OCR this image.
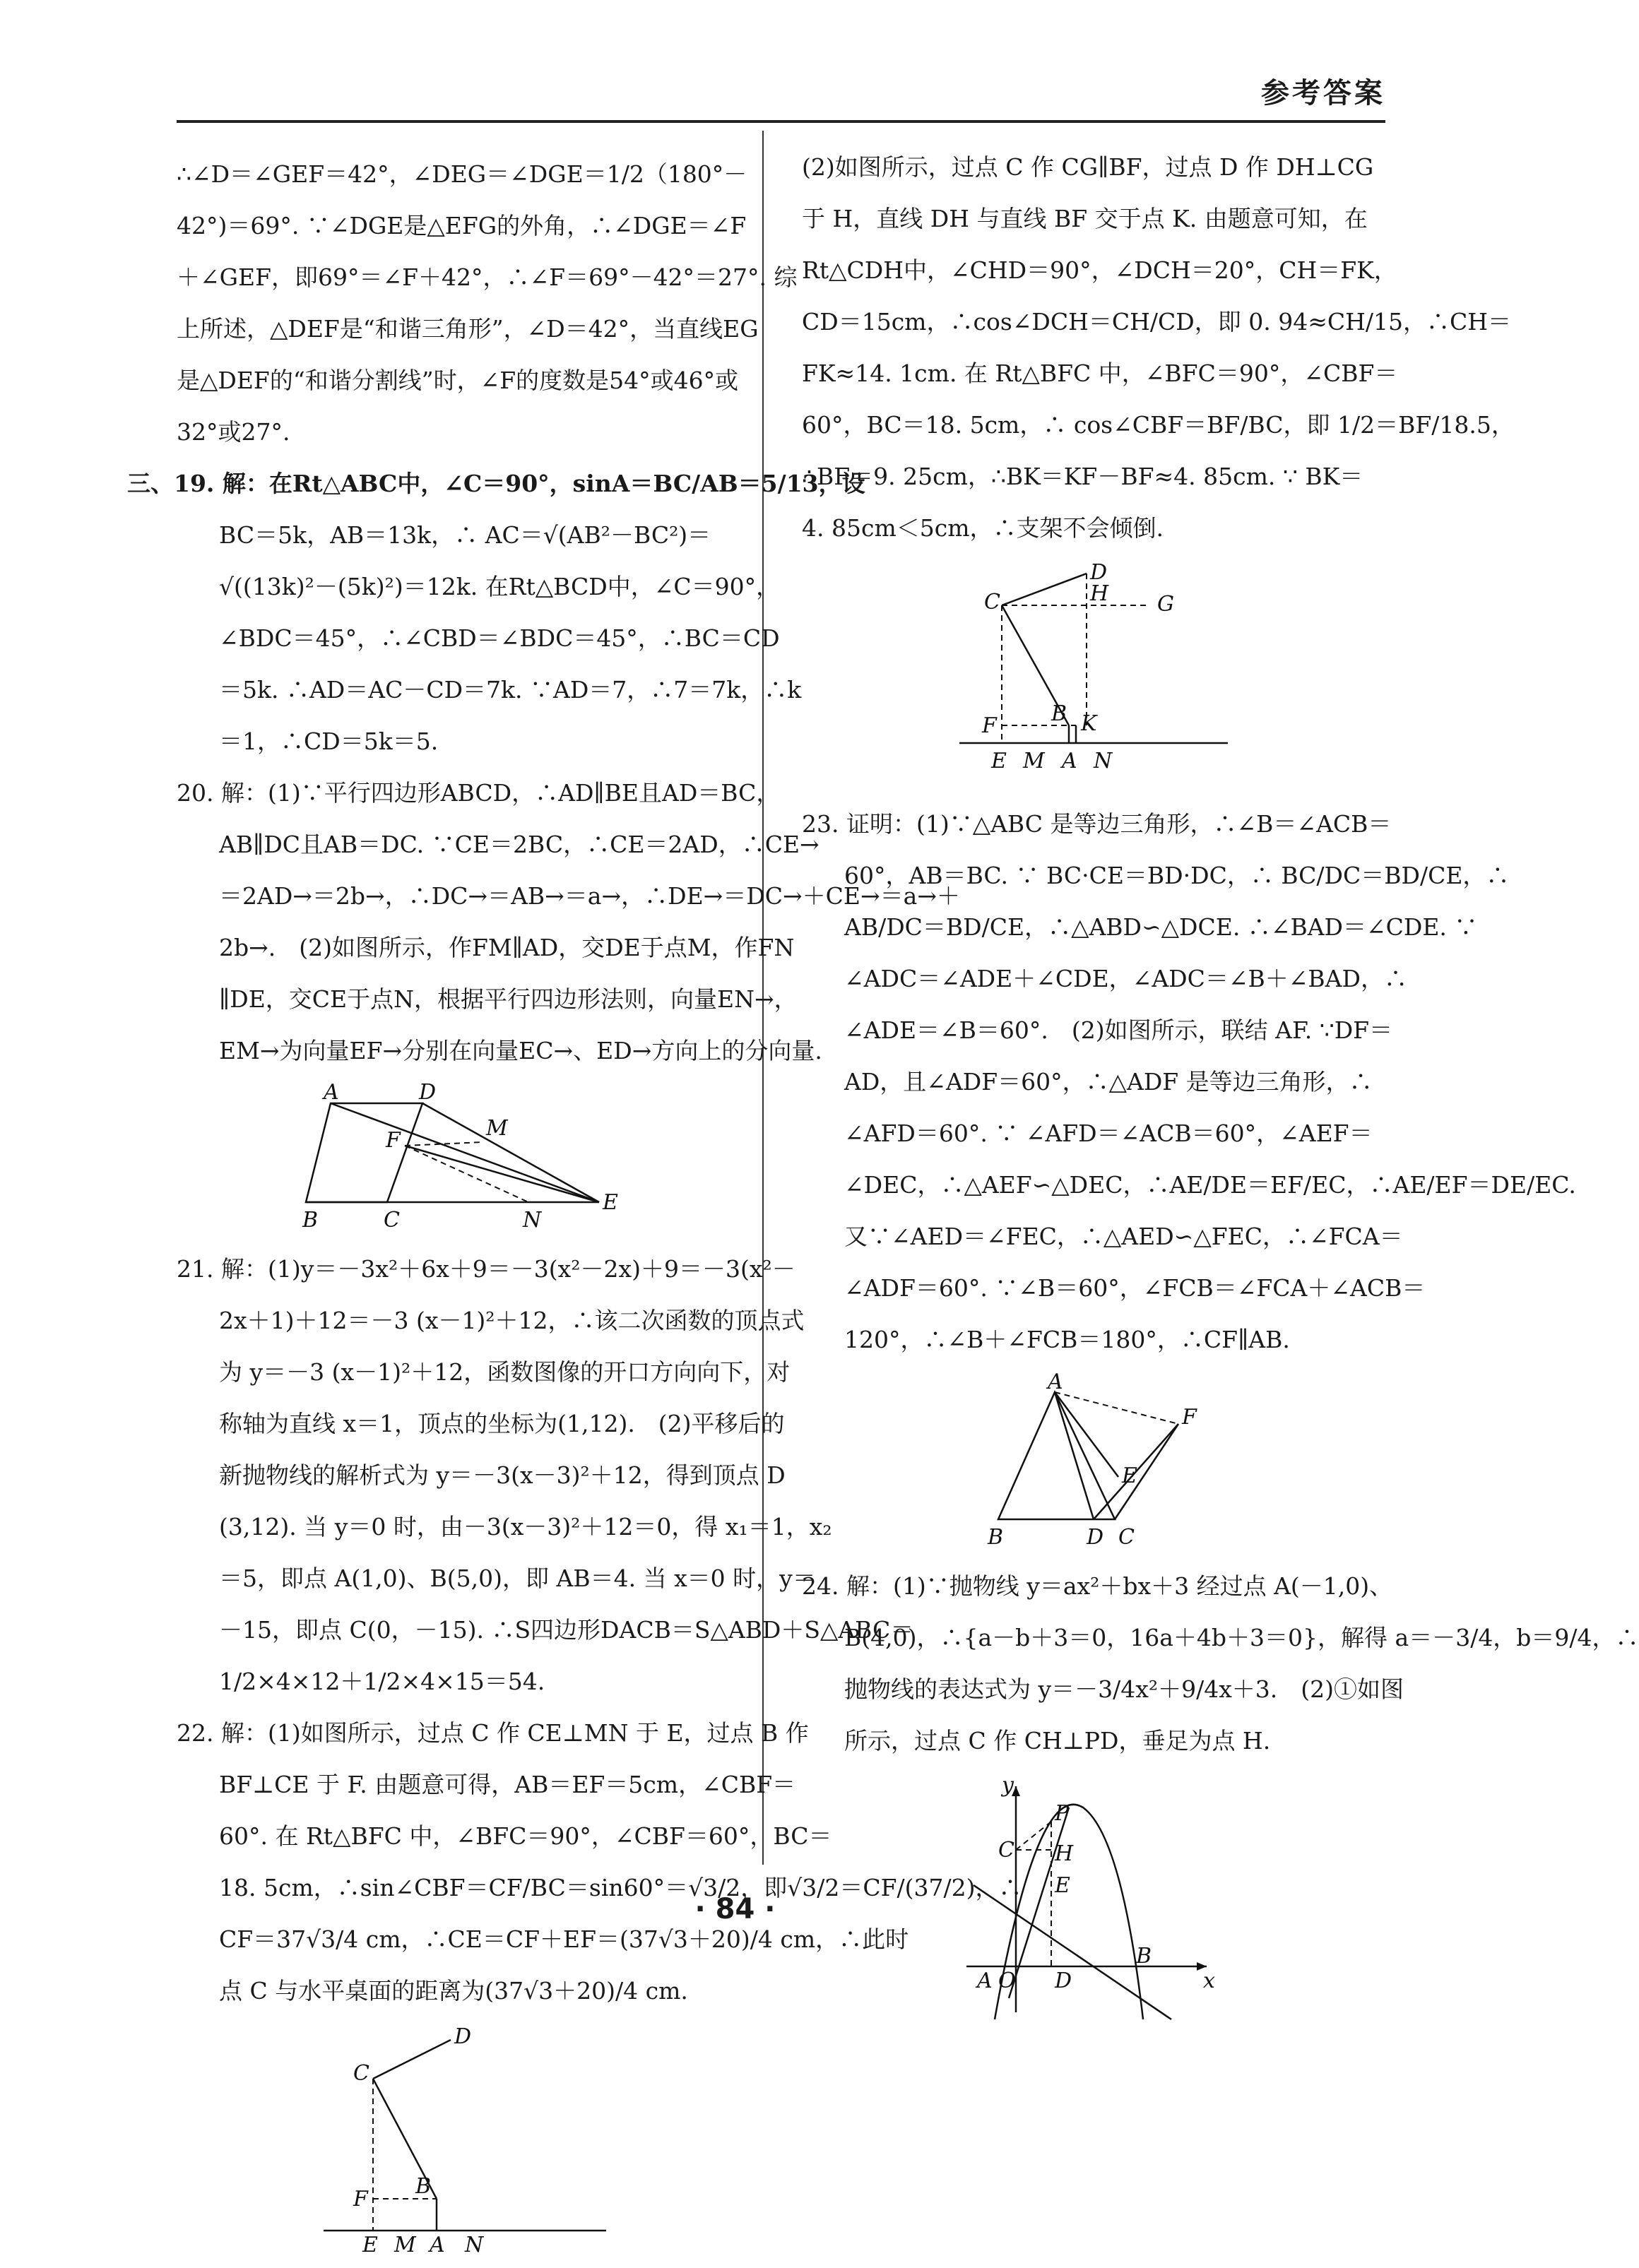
参考答案
∴∠D＝∠GEF＝42°，∠DEG＝∠DGE＝1/2（180°－
42°)＝69°. ∵∠DGE是△EFG的外角，∴∠DGE＝∠F
＋∠GEF，即69°＝∠F＋42°，∴∠F＝69°－42°＝27°. 综
上所述，△DEF是“和谐三角形”，∠D＝42°，当直线EG
是△DEF的“和谐分割线”时，∠F的度数是54°或46°或
32°或27°.
三、19. 解：在Rt△ABC中，∠C＝90°，sinA＝BC/AB＝5/13，设
BC＝5k，AB＝13k，∴ AC＝√(AB²－BC²)＝
√((13k)²－(5k)²)＝12k. 在Rt△BCD中，∠C＝90°，
∠BDC＝45°，∴∠CBD＝∠BDC＝45°，∴BC＝CD
＝5k. ∴AD＝AC－CD＝7k. ∵AD＝7，∴7＝7k，∴k
＝1，∴CD＝5k＝5.
20. 解：(1)∵平行四边形ABCD，∴AD∥BE且AD＝BC，
AB∥DC且AB＝DC. ∵CE＝2BC，∴CE＝2AD，∴CE→
＝2AD→＝2b→，∴DC→＝AB→＝a→，∴DE→＝DC→＋CE→＝a→＋
2b→.　(2)如图所示，作FM∥AD，交DE于点M，作FN
∥DE，交CE于点N，根据平行四边形法则，向量EN→，
EM→为向量EF→分别在向量EC→、ED→方向上的分向量.
A	D
M
F
B	C	N
E
21. 解：(1)y＝－3x²＋6x＋9＝－3(x²－2x)＋9＝－3(x²－
2x＋1)＋12＝－3 (x－1)²＋12，∴该二次函数的顶点式
为 y＝－3 (x－1)²＋12，函数图像的开口方向向下，对
称轴为直线 x＝1，顶点的坐标为(1,12).　(2)平移后的
新抛物线的解析式为 y＝－3(x－3)²＋12，得到顶点 D
(3,12). 当 y＝0 时，由－3(x－3)²＋12＝0，得 x₁＝1，x₂
＝5，即点 A(1,0)、B(5,0)，即 AB＝4. 当 x＝0 时，y＝
－15，即点 C(0，－15). ∴S四边形DACB＝S△ABD＋S△ABC＝
1/2×4×12＋1/2×4×15＝54.
22. 解：(1)如图所示，过点 C 作 CE⊥MN 于 E，过点 B 作
BF⊥CE 于 F. 由题意可得，AB＝EF＝5cm，∠CBF＝
60°. 在 Rt△BFC 中，∠BFC＝90°，∠CBF＝60°，BC＝
18. 5cm，∴sin∠CBF＝CF/BC＝sin60°＝√3/2，即√3/2＝CF/(37/2)，∴
CF＝37√3/4 cm，∴CE＝CF＋EF＝(37√3＋20)/4 cm，∴此时
点 C 与水平桌面的距离为(37√3＋20)/4 cm.
D
C
B
F
E M A N
(2)如图所示，过点 C 作 CG∥BF，过点 D 作 DH⊥CG
于 H，直线 DH 与直线 BF 交于点 K. 由题意可知，在
Rt△CDH中，∠CHD＝90°，∠DCH＝20°，CH＝FK，
CD＝15cm，∴cos∠DCH＝CH/CD，即 0. 94≈CH/15，∴CH＝
FK≈14. 1cm. 在 Rt△BFC 中，∠BFC＝90°，∠CBF＝
60°，BC＝18. 5cm，∴ cos∠CBF＝BF/BC，即 1/2＝BF/18.5，
∴BF＝9. 25cm，∴BK＝KF－BF≈4. 85cm. ∵ BK＝
4. 85cm＜5cm，∴支架不会倾倒.
D
C	H G
B
F	K
E M A N
23. 证明：(1)∵△ABC 是等边三角形，∴∠B＝∠ACB＝
60°，AB＝BC. ∵ BC·CE＝BD·DC，∴ BC/DC＝BD/CE，∴
AB/DC＝BD/CE，∴△ABD∽△DCE. ∴∠BAD＝∠CDE. ∵
∠ADC＝∠ADE＋∠CDE，∠ADC＝∠B＋∠BAD，∴
∠ADE＝∠B＝60°.　(2)如图所示，联结 AF. ∵DF＝
AD，且∠ADF＝60°，∴△ADF 是等边三角形，∴
∠AFD＝60°. ∵ ∠AFD＝∠ACB＝60°，∠AEF＝
∠DEC，∴△AEF∽△DEC，∴AE/DE＝EF/EC，∴AE/EF＝DE/EC.
又∵∠AED＝∠FEC，∴△AED∽△FEC，∴∠FCA＝
∠ADF＝60°. ∵∠B＝60°，∠FCB＝∠FCA＋∠ACB＝
120°，∴∠B＋∠FCB＝180°，∴CF∥AB.
A
F
E
B	D C
24. 解：(1)∵抛物线 y＝ax²＋bx＋3 经过点 A(－1,0)、
B(4,0)，∴{a－b＋3＝0，16a＋4b＋3＝0}，解得 a＝－3/4，b＝9/4，∴
抛物线的表达式为 y＝－3/4x²＋9/4x＋3.　(2)①如图
所示，过点 C 作 CH⊥PD，垂足为点 H.
y
P
C H
E
B
A O D	x
· 84 ·
